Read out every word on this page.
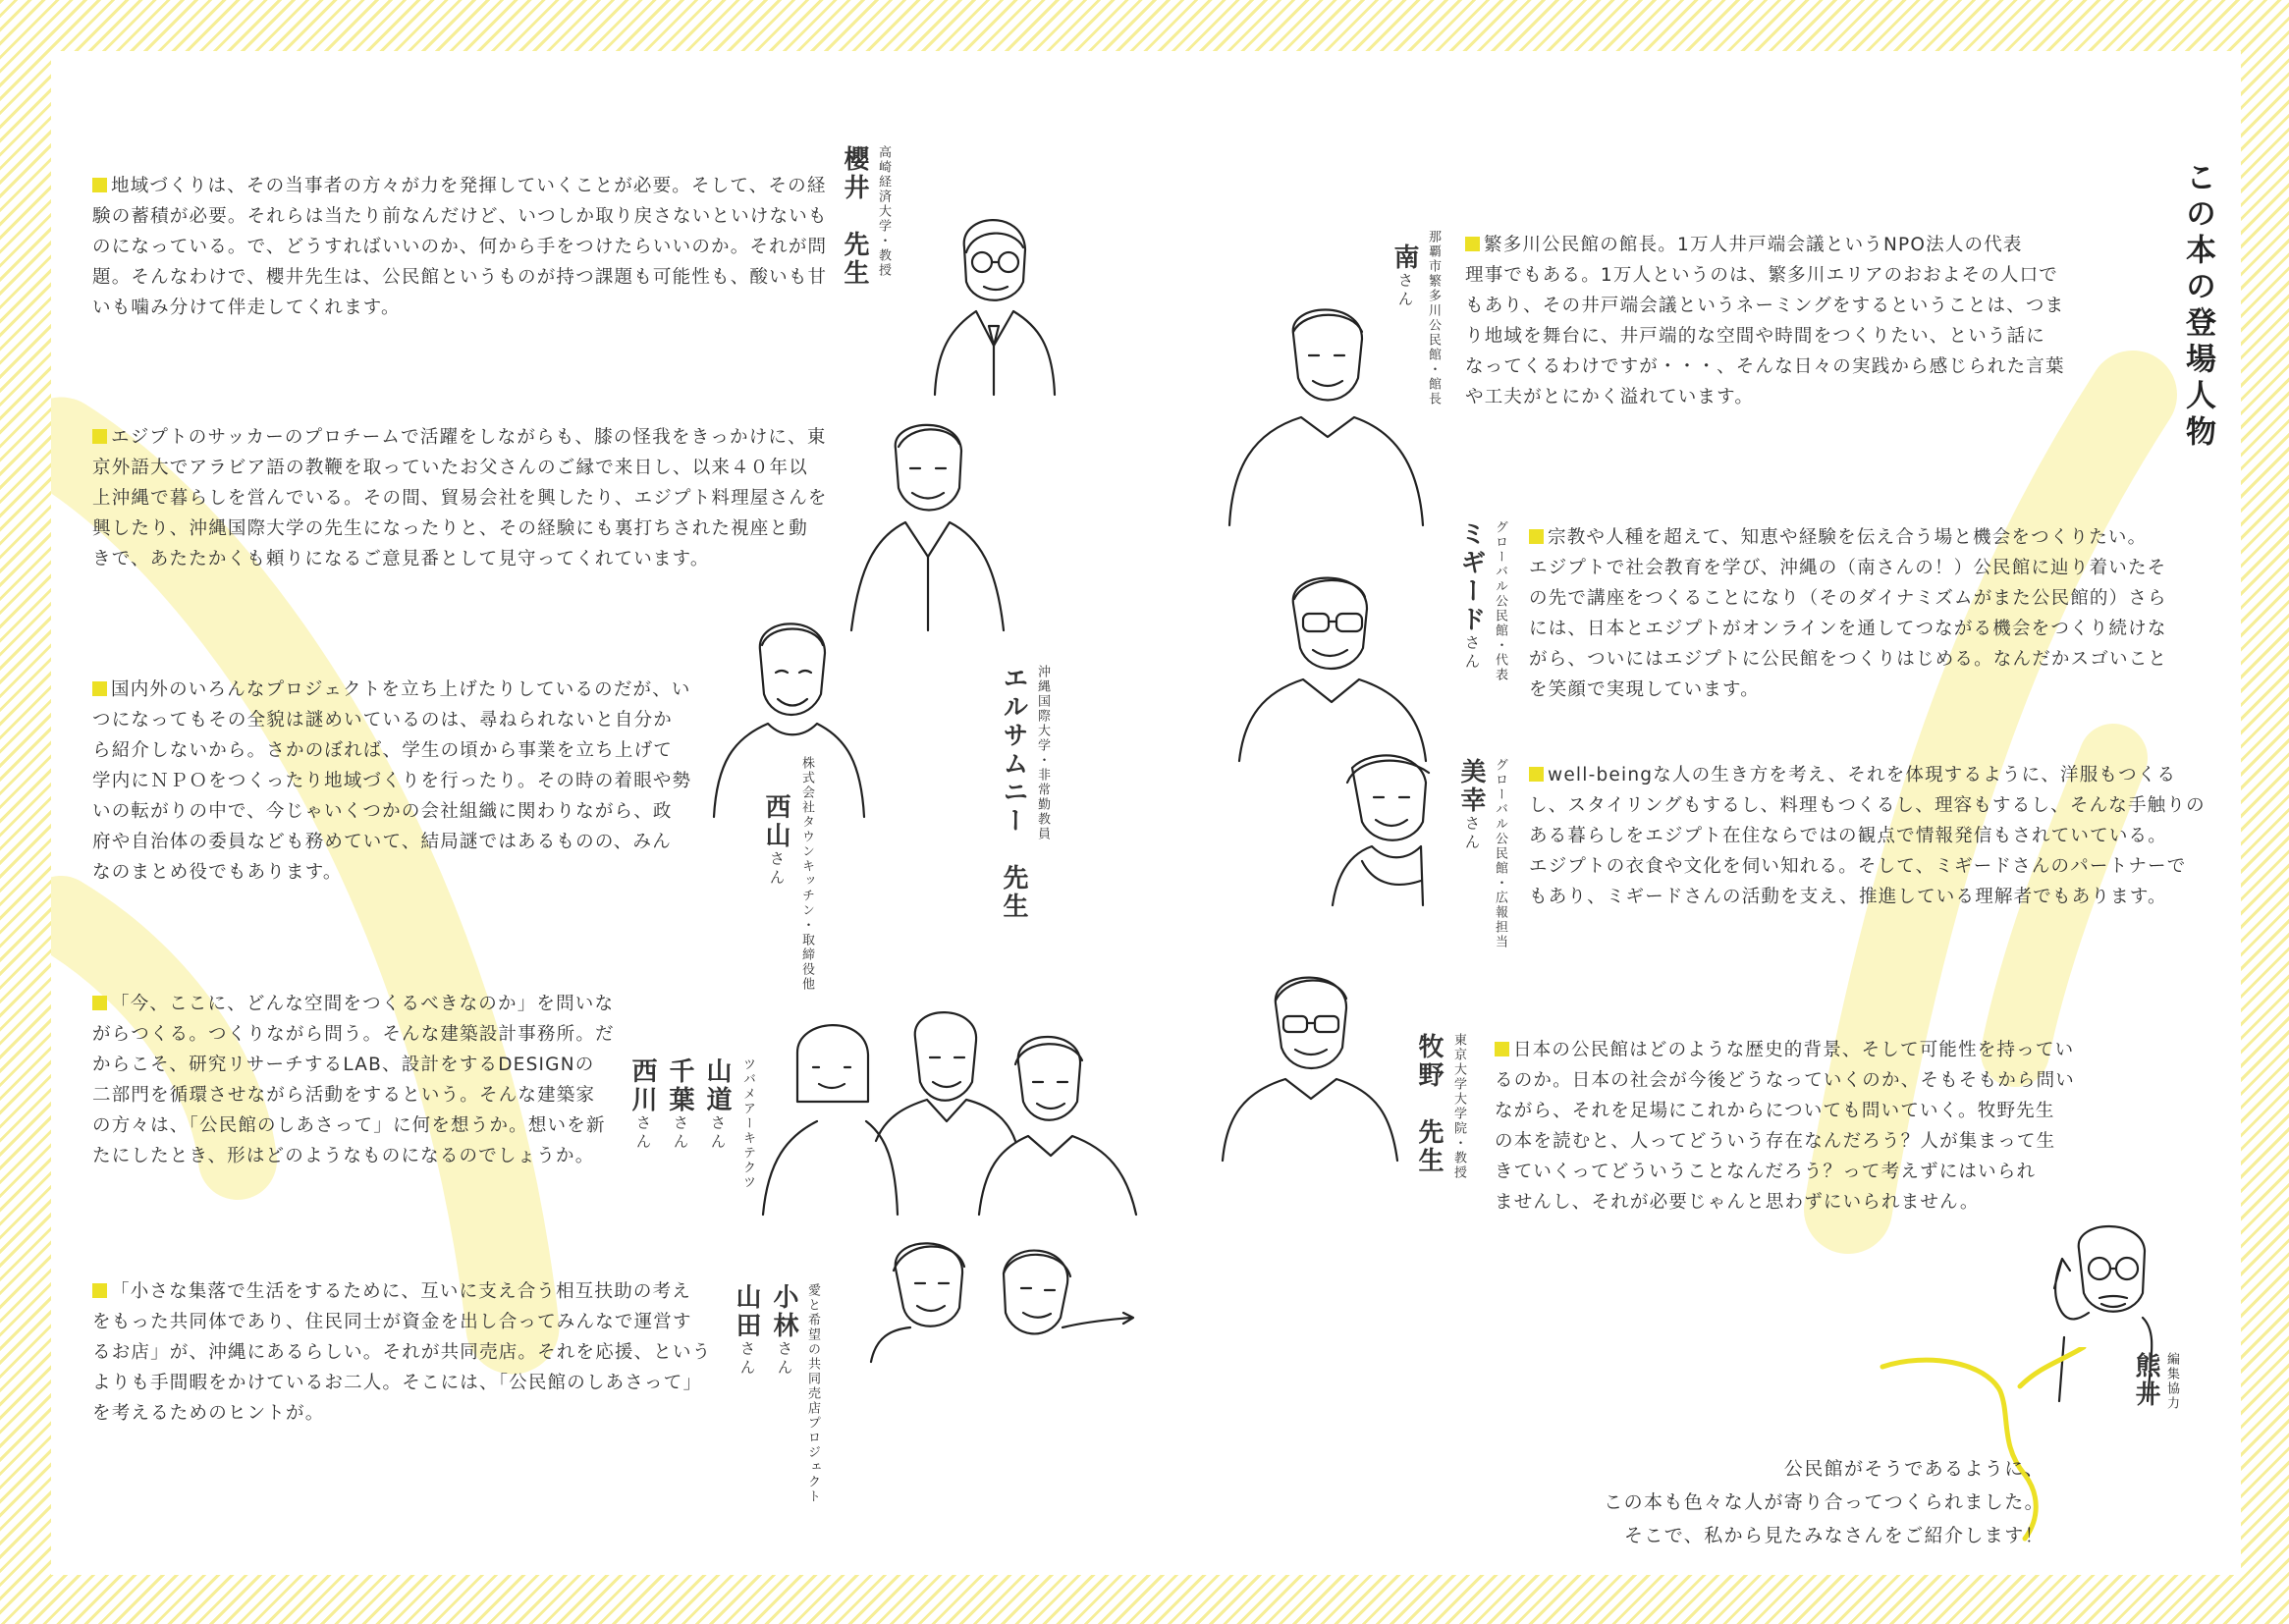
この本の登場人物
地域づくりは、その当事者の方々が力を発揮していくことが必要。そして、その経
験の蓄積が必要。それらは当たり前なんだけど、いつしか取り戻さないといけないも
のになっている。で、どうすればいいのか、何から手をつけたらいいのか。それが問
題。そんなわけで、櫻井先生は、公民館というものが持つ課題も可能性も、酸いも甘
いも噛み分けて伴走してくれます。
櫻井　先生 高崎経済大学・教授
エジプトのサッカーのプロチームで活躍をしながらも、膝の怪我をきっかけに、東
京外語大でアラビア語の教鞭を取っていたお父さんのご縁で来日し、以来４０年以
上沖縄で暮らしを営んでいる。その間、貿易会社を興したり、エジプト料理屋さんを
興したり、沖縄国際大学の先生になったりと、その経験にも裏打ちされた視座と動
きで、あたたかくも頼りになるご意見番として見守ってくれています。
エルサムニー　先生
沖縄国際大学・非常勤教員
国内外のいろんなプロジェクトを立ち上げたりしているのだが、い
つになってもその全貌は謎めいているのは、尋ねられないと自分か
ら紹介しないから。さかのぼれば、学生の頃から事業を立ち上げて
学内にＮＰＯをつくったり地域づくりを行ったり。その時の着眼や勢
いの転がりの中で、今じゃいくつかの会社組織に関わりながら、政
府や自治体の委員なども務めていて、結局謎ではあるものの、みん
なのまとめ役でもあります。
西山さん	株式会社タウンキッチン・取締役他
「今、ここに、どんな空間をつくるべきなのか」を問いな
がらつくる。つくりながら問う。そんな建築設計事務所。だ
からこそ、研究リサーチするLAB、設計をするDESIGNの
二部門を循環させながら活動をするという。そんな建築家
の方々は、「公民館のしあさって」に何を想うか。想いを新
たにしたとき、形はどのようなものになるのでしょうか。
西川さん
千葉さん
山道さん	ツバメアーキテクツ
「小さな集落で生活をするために、互いに支え合う相互扶助の考え
をもった共同体であり、住民同士が資金を出し合ってみんなで運営す
るお店」が、沖縄にあるらしい。それが共同売店。それを応援、という
よりも手間暇をかけているお二人。そこには、「公民館のしあさって」
を考えるためのヒントが。
山田さん
小林さん 愛と希望の共同売店プロジェクト
南さん 那覇市繁多川公民館・館長	繁多川公民館の館長。1万人井戸端会議というNPO法人の代表
理事でもある。1万人というのは、繁多川エリアのおおよその人口で
もあり、その井戸端会議というネーミングをするということは、つま
り地域を舞台に、井戸端的な空間や時間をつくりたい、という話に
なってくるわけですが・・・、そんな日々の実践から感じられた言葉
や工夫がとにかく溢れています。
ミギードさん グローバル公民館・代表	宗教や人種を超えて、知恵や経験を伝え合う場と機会をつくりたい。
エジプトで社会教育を学び、沖縄の（南さんの！）公民館に辿り着いたそ
の先で講座をつくることになり（そのダイナミズムがまた公民館的）さら
には、日本とエジプトがオンラインを通してつながる機会をつくり続けな
がら、ついにはエジプトに公民館をつくりはじめる。なんだかスゴいこと
を笑顔で実現しています。
美幸さん グローバル公民館・広報担当	well-beingな人の生き方を考え、それを体現するように、洋服もつくる
し、スタイリングもするし、料理もつくるし、理容もするし、そんな手触りの
ある暮らしをエジプト在住ならではの観点で情報発信もされていている。
エジプトの衣食や文化を伺い知れる。そして、ミギードさんのパートナーで
もあり、ミギードさんの活動を支え、推進している理解者でもあります。
牧野　先生 東京大学大学院・教授	日本の公民館はどのような歴史的背景、そして可能性を持ってい
るのか。日本の社会が今後どうなっていくのか、そもそもから問い
ながら、それを足場にこれからについても問いていく。牧野先生
の本を読むと、人ってどういう存在なんだろう？人が集まって生
きていくってどういうことなんだろう？って考えずにはいられ
ませんし、それが必要じゃんと思わずにいられません。
熊井 編集協力
公民館がそうであるように、
この本も色々な人が寄り合ってつくられました。
そこで、私から見たみなさんをご紹介します！
